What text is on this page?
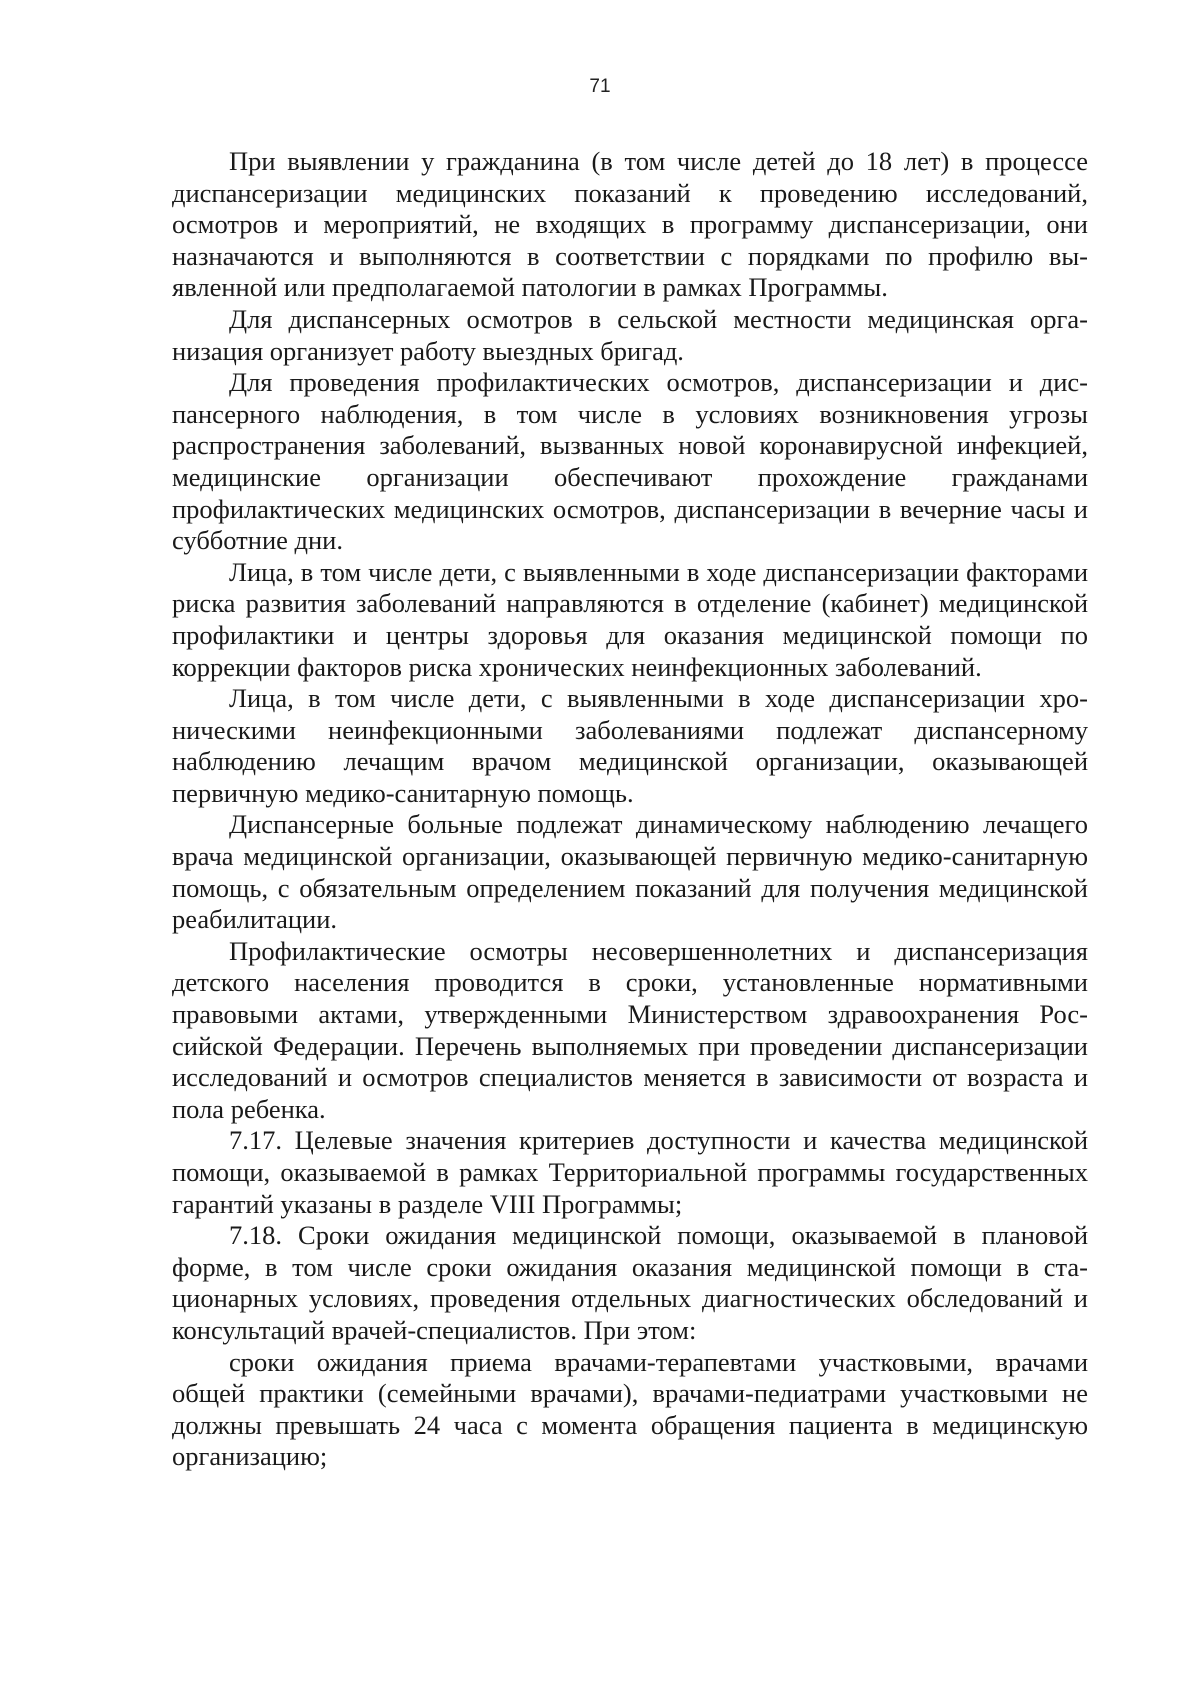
71

При выявлении у гражданина (в том числе детей до 18 лет) в процессе диспансеризации медицинских показаний к проведению исследований, осмотров и мероприятий, не входящих в программу диспансеризации, они назначаются и выполняются в соответствии с порядками по профилю выявленной или предполагаемой патологии в рамках Программы.

Для диспансерных осмотров в сельской местности медицинская организация организует работу выездных бригад.

Для проведения профилактических осмотров, диспансеризации и диспансерного наблюдения, в том числе в условиях возникновения угрозы распространения заболеваний, вызванных новой коронавирусной инфекцией, медицинские организации обеспечивают прохождение гражданами профилактических медицинских осмотров, диспансеризации в вечерние часы и субботние дни.

Лица, в том числе дети, с выявленными в ходе диспансеризации факторами риска развития заболеваний направляются в отделение (кабинет) медицинской профилактики и центры здоровья для оказания медицинской помощи по коррекции факторов риска хронических неинфекционных заболеваний.

Лица, в том числе дети, с выявленными в ходе диспансеризации хроническими неинфекционными заболеваниями подлежат диспансерному наблюдению лечащим врачом медицинской организации, оказывающей первичную медико-санитарную помощь.

Диспансерные больные подлежат динамическому наблюдению лечащего врача медицинской организации, оказывающей первичную медико-санитарную помощь, с обязательным определением показаний для получения медицинской реабилитации.

Профилактические осмотры несовершеннолетних и диспансеризация детского населения проводится в сроки, установленные нормативными правовыми актами, утвержденными Министерством здравоохранения Российской Федерации. Перечень выполняемых при проведении диспансеризации исследований и осмотров специалистов меняется в зависимости от возраста и пола ребенка.

7.17. Целевые значения критериев доступности и качества медицинской помощи, оказываемой в рамках Территориальной программы государственных гарантий указаны в разделе VIII Программы;

7.18. Сроки ожидания медицинской помощи, оказываемой в плановой форме, в том числе сроки ожидания оказания медицинской помощи в стационарных условиях, проведения отдельных диагностических обследований и консультаций врачей-специалистов. При этом:

сроки ожидания приема врачами-терапевтами участковыми, врачами общей практики (семейными врачами), врачами-педиатрами участковыми не должны превышать 24 часа с момента обращения пациента в медицинскую организацию;
